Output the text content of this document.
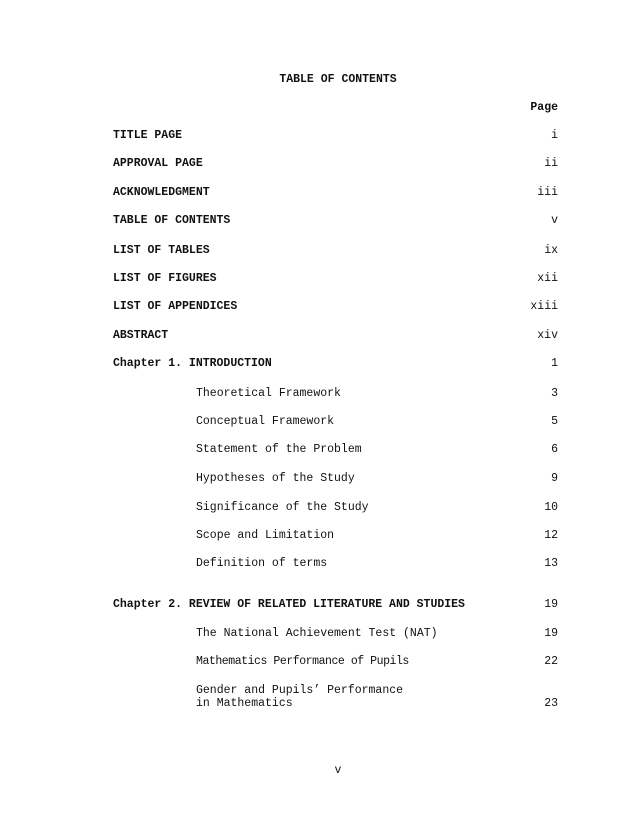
TABLE OF CONTENTS
Page
TITLE PAGE	i
APPROVAL PAGE	ii
ACKNOWLEDGMENT	iii
TABLE OF CONTENTS	v
LIST OF TABLES	ix
LIST OF FIGURES	xii
LIST OF APPENDICES	xiii
ABSTRACT	xiv
Chapter 1. INTRODUCTION	1
Theoretical Framework	3
Conceptual Framework	5
Statement of the Problem	6
Hypotheses of the Study	9
Significance of the Study	10
Scope and Limitation	12
Definition of terms	13
Chapter 2. REVIEW OF RELATED LITERATURE AND STUDIES	19
The National Achievement Test (NAT)	19
Mathematics Performance of Pupils	22
Gender and Pupils’ Performance
in Mathematics	23
v
